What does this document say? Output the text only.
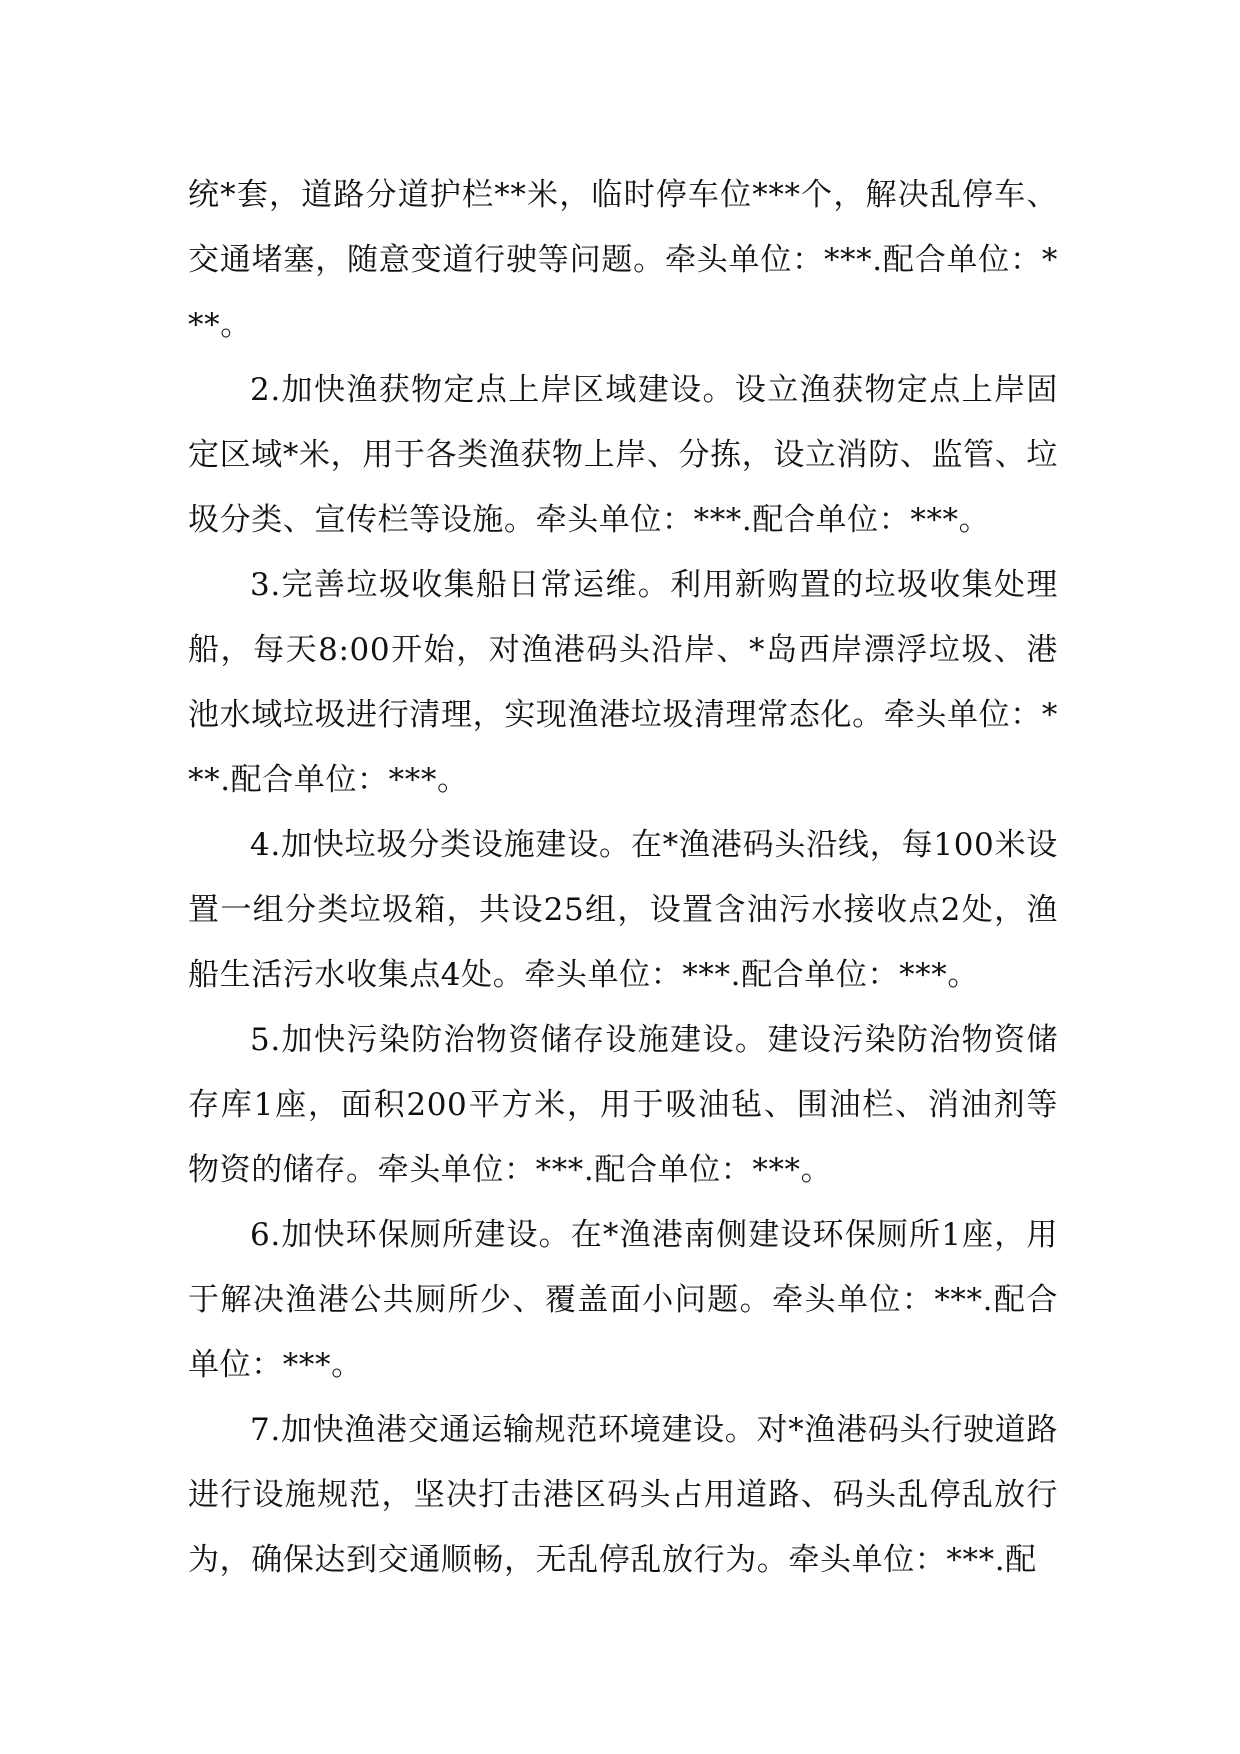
统*套，道路分道护栏**米，临时停车位***个，解决乱停车、交通堵塞，随意变道行驶等问题。牵头单位：***.配合单位：***。

2.加快渔获物定点上岸区域建设。设立渔获物定点上岸固定区域*米，用于各类渔获物上岸、分拣，设立消防、监管、垃圾分类、宣传栏等设施。牵头单位：***.配合单位：***。

3.完善垃圾收集船日常运维。利用新购置的垃圾收集处理船，每天8:00开始，对渔港码头沿岸、*岛西岸漂浮垃圾、港池水域垃圾进行清理，实现渔港垃圾清理常态化。牵头单位：***.配合单位：***。

4.加快垃圾分类设施建设。在*渔港码头沿线，每100米设置一组分类垃圾箱，共设25组，设置含油污水接收点2处，渔船生活污水收集点4处。牵头单位：***.配合单位：***。

5.加快污染防治物资储存设施建设。建设污染防治物资储存库1座，面积200平方米，用于吸油毡、围油栏、消油剂等物资的储存。牵头单位：***.配合单位：***。

6.加快环保厕所建设。在*渔港南侧建设环保厕所1座，用于解决渔港公共厕所少、覆盖面小问题。牵头单位：***.配合单位：***。

7.加快渔港交通运输规范环境建设。对*渔港码头行驶道路进行设施规范，坚决打击港区码头占用道路、码头乱停乱放行为，确保达到交通顺畅，无乱停乱放行为。牵头单位：***.配
